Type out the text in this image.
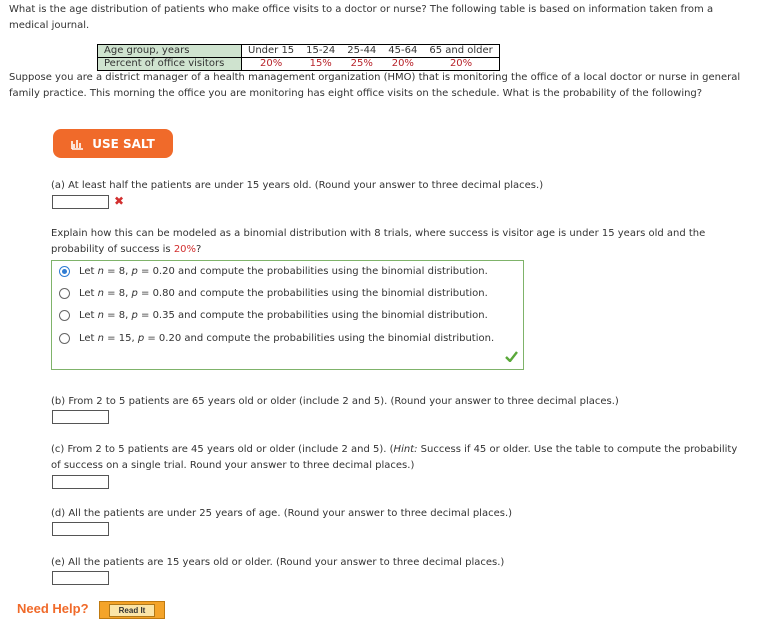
What is the age distribution of patients who make office visits to a doctor or nurse? The following table is based on information taken from a medical journal.
Age group, years	Under 15	15-24	25-44	45-64	65 and older
Percent of office visitors	20%	15%	25%	20%	20%
Suppose you are a district manager of a health management organization (HMO) that is monitoring the office of a local doctor or nurse in general family practice. This morning the office you are monitoring has eight office visits on the schedule. What is the probability of the following?
USE SALT
(a) At least half the patients are under 15 years old. (Round your answer to three decimal places.)
✖
Explain how this can be modeled as a binomial distribution with 8 trials, where success is visitor age is under 15 years old and the probability of success is 20%?
Let n = 8, p = 0.20 and compute the probabilities using the binomial distribution.
Let n = 8, p = 0.80 and compute the probabilities using the binomial distribution.
Let n = 8, p = 0.35 and compute the probabilities using the binomial distribution.
Let n = 15, p = 0.20 and compute the probabilities using the binomial distribution.
(b) From 2 to 5 patients are 65 years old or older (include 2 and 5). (Round your answer to three decimal places.)
(c) From 2 to 5 patients are 45 years old or older (include 2 and 5). (Hint: Success if 45 or older. Use the table to compute the probability of success on a single trial. Round your answer to three decimal places.)
(d) All the patients are under 25 years of age. (Round your answer to three decimal places.)
(e) All the patients are 15 years old or older. (Round your answer to three decimal places.)
Need Help?	Read It
